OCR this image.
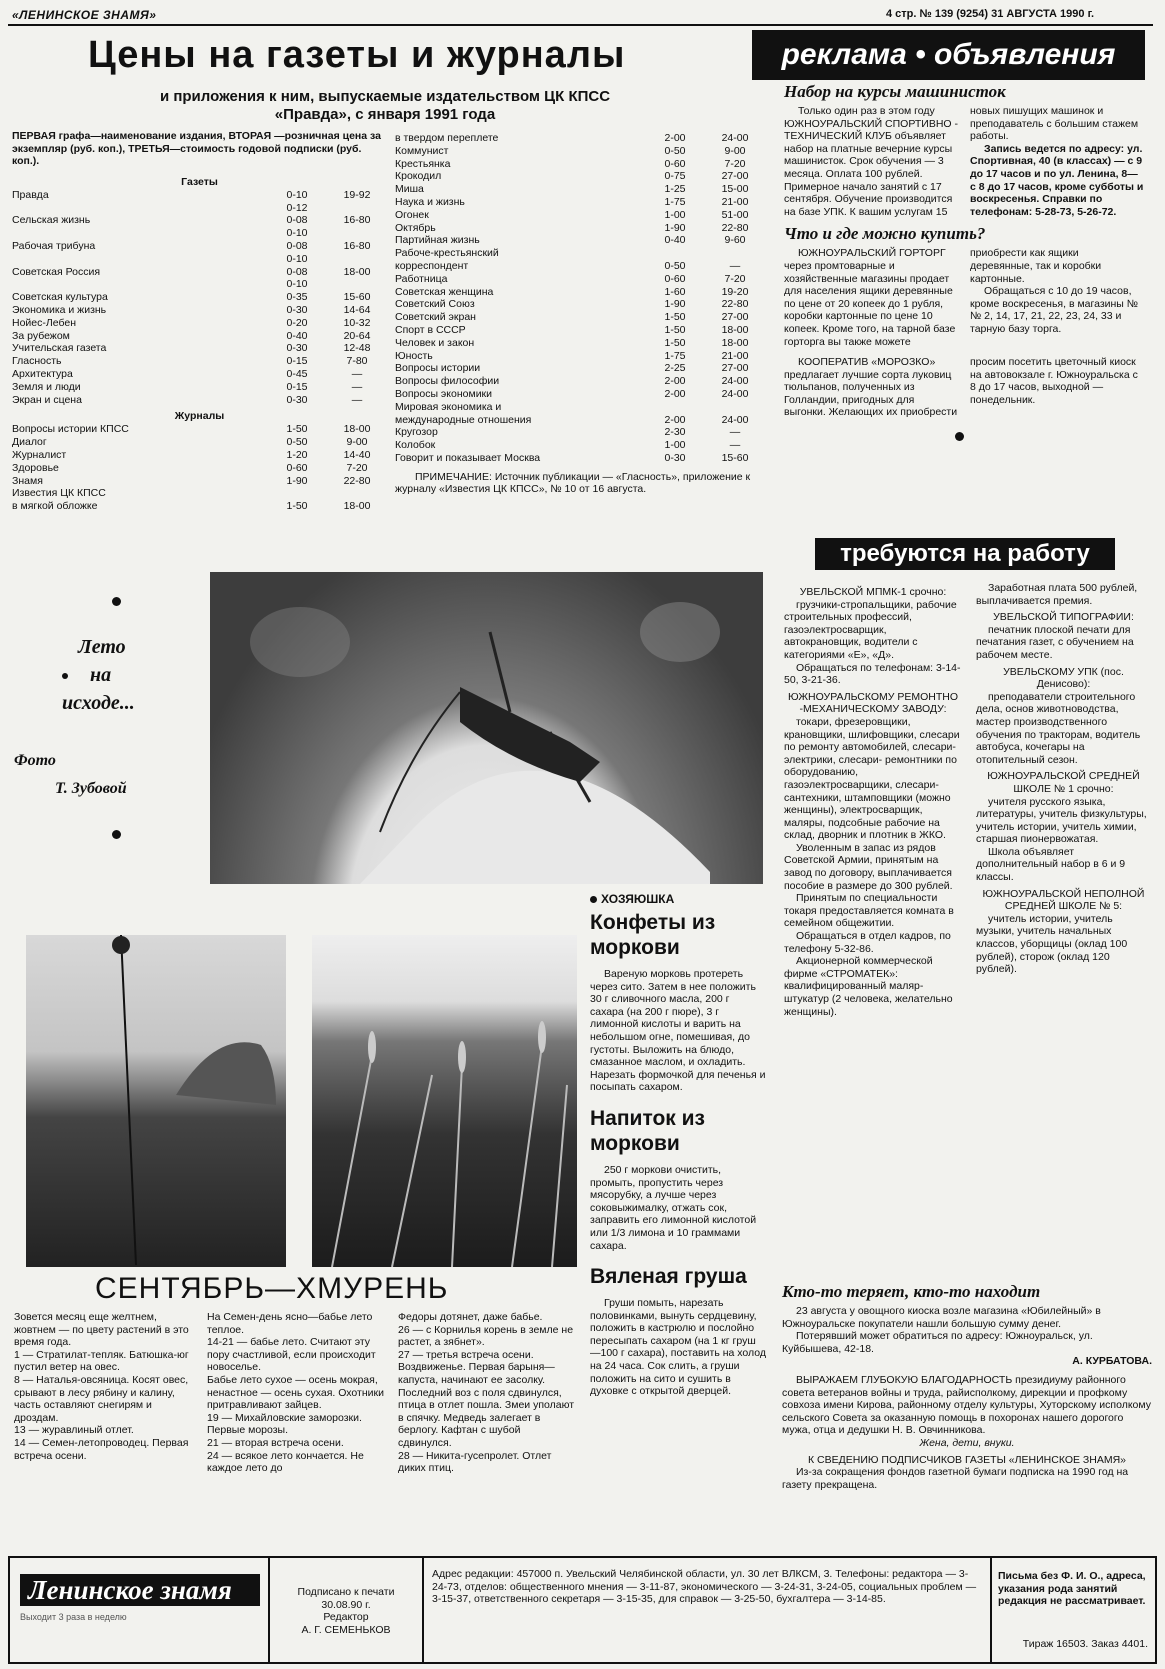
«ЛЕНИНСКОЕ ЗНАМЯ»	4 стр. № 139 (9254) 31 АВГУСТА 1990 г.
Цены на газеты и журналы
и приложения к ним, выпускаемые издательством ЦК КПСС «Правда», с января 1991 года
ПЕРВАЯ графа—наименование издания, ВТОРАЯ —розничная цена за экземпляр (руб. коп.), ТРЕТЬЯ—стоимость годовой подписки (руб. коп.).
Газеты
Правда	0-10	19-92
0-12
Сельская жизнь	0-08	16-80
0-10
Рабочая трибуна	0-08	16-80
0-10
Советская Россия	0-08	18-00
0-10
Советская культура	0-35	15-60
Экономика и жизнь	0-30	14-64
Нойес-Лебен	0-20	10-32
За рубежом	0-40	20-64
Учительская газета	0-30	12-48
Гласность	0-15	7-80
Архитектура	0-45	—
Земля и люди	0-15	—
Экран и сцена	0-30	—
Журналы
Вопросы истории КПСС	1-50	18-00
Диалог	0-50	9-00
Журналист	1-20	14-40
Здоровье	0-60	7-20
Знамя	1-90	22-80
Известия ЦК КПСС
в мягкой обложке	1-50	18-00
в твердом переплете	2-00	24-00
Коммунист	0-50	9-00
Крестьянка	0-60	7-20
Крокодил	0-75	27-00
Миша	1-25	15-00
Наука и жизнь	1-75	21-00
Огонек	1-00	51-00
Октябрь	1-90	22-80
Партийная жизнь	0-40	9-60
Рабоче-крестьянский
корреспондент	0-50	—
Работница	0-60	7-20
Советская женщина	1-60	19-20
Советский Союз	1-90	22-80
Советский экран	1-50	27-00
Спорт в СССР	1-50	18-00
Человек и закон	1-50	18-00
Юность	1-75	21-00
Вопросы истории	2-25	27-00
Вопросы философии	2-00	24-00
Вопросы экономики	2-00	24-00
Мировая экономика и
международные отношения	2-00	24-00
Кругозор	2-30	—
Колобок	1-00	—
Говорит и показывает Москва	0-30	15-60
ПРИМЕЧАНИЕ: Источник публикации — «Гласность», приложение к журналу «Известия ЦК КПСС», № 10 от 16 августа.
реклама • объявления
Набор на курсы машинисток
Только один раз в этом году ЮЖНОУРАЛЬСКИЙ СПОРТИВНО - ТЕХНИЧЕСКИЙ КЛУБ объявляет набор на платные вечерние курсы машинисток. Срок обучения — 3 месяца. Оплата 100 рублей. Примерное начало занятий с 17 сентября. Обучение производится на базе УПК. К вашим услугам 15 новых пишущих машинок и преподаватель с большим стажем работы.
Запись ведется по адресу: ул. Спортивная, 40 (в классах) — с 9 до 17 часов и по ул. Ленина, 8— с 8 до 17 часов, кроме субботы и воскресенья. Справки по телефонам: 5-28-73, 5-26-72.
Что и где можно купить?
ЮЖНОУРАЛЬСКИЙ ГОРТОРГ через промтоварные и хозяйственные магазины продает для населения ящики деревянные по цене от 20 копеек до 1 рубля, коробки картонные по цене 10 копеек. Кроме того, на тарной базе горторга вы также можете приобрести как ящики деревянные, так и коробки картонные.
Обращаться с 10 до 19 часов, кроме воскресенья, в магазины №№ 2, 14, 17, 21, 22, 23, 24, 33 и тарную базу торга.
КООПЕРАТИВ «МОРОЗКО» предлагает лучшие сорта луковиц тюльпанов, полученных из Голландии, пригодных для выгонки. Желающих их приобрести просим посетить цветочный киоск на автовокзале г. Южноуральска с 8 до 17 часов, выходной — понедельник.
требуются на работу
УВЕЛЬСКОЙ МПМК-1 срочно:
грузчики-стропальщики, рабочие строительных профессий, газоэлектросварщик, автокрановщик, водители с категориями «Е», «Д».
Обращаться по телефонам: 3-14-50, 3-21-36.
ЮЖНОУРАЛЬСКОМУ РЕМОНТНО -МЕХАНИЧЕСКОМУ ЗАВОДУ:
токари, фрезеровщики, крановщики, шлифовщики, слесари по ремонту автомобилей, слесари-электрики, слесари- ремонтники по оборудованию, газоэлектросварщики, слесари-сантехники, штамповщики (можно женщины), электросварщик, маляры, подсобные рабочие на склад, дворник и плотник в ЖКО.
Уволенным в запас из рядов Советской Армии, принятым на завод по договору, выплачивается пособие в размере до 300 рублей.
Принятым по специальности токаря предоставляется комната в семейном общежитии.
Обращаться в отдел кадров, по телефону 5-32-86.
Акционерной коммерческой фирме «СТРОМАТЕК»: квалифицированный маляр-штукатур (2 человека, желательно женщины).
Заработная плата 500 рублей, выплачивается премия.
УВЕЛЬСКОЙ ТИПОГРАФИИ:
печатник плоской печати для печатания газет, с обучением на рабочем месте.
УВЕЛЬСКОМУ УПК (пос. Денисово):
преподаватели строительного дела, основ животноводства, мастер производственного обучения по тракторам, водитель автобуса, кочегары на отопительный сезон.
ЮЖНОУРАЛЬСКОЙ СРЕДНЕЙ ШКОЛЕ № 1 срочно:
учителя русского языка, литературы, учитель физкультуры, учитель истории, учитель химии, старшая пионервожатая.
Школа объявляет дополнительный набор в 6 и 9 классы.
ЮЖНОУРАЛЬСКОЙ НЕПОЛНОЙ СРЕДНЕЙ ШКОЛЕ № 5:
учитель истории, учитель музыки, учитель начальных классов, уборщицы (оклад 100 рублей), сторож (оклад 120 рублей).
Кто-то теряет, кто-то находит
23 августа у овощного киоска возле магазина «Юбилейный» в Южноуральске покупатели нашли большую сумму денег.
Потерявший может обратиться по адресу: Южноуральск, ул. Куйбышева, 42-18.
А. КУРБАТОВА.
ВЫРАЖАЕМ ГЛУБОКУЮ БЛАГОДАРНОСТЬ президиуму районного совета ветеранов войны и труда, райисполкому, дирекции и профкому совхоза имени Кирова, районному отделу культуры, Хуторскому исполкому сельского Совета за оказанную помощь в похоронах нашего дорогого мужа, отца и дедушки Н. В. Овчинникова.
Жена, дети, внуки.
К СВЕДЕНИЮ ПОДПИСЧИКОВ ГАЗЕТЫ «ЛЕНИНСКОЕ ЗНАМЯ»
Из-за сокращения фондов газетной бумаги подписка на 1990 год на газету прекращена.
Лето
на
исходе...
Фото
Т. Зубовой
ХОЗЯЮШКА
Конфеты из моркови
Вареную морковь протереть через сито. Затем в нее положить 30 г сливочного масла, 200 г сахара (на 200 г пюре), 3 г лимонной кислоты и варить на небольшом огне, помешивая, до густоты. Выложить на блюдо, смазанное маслом, и охладить. Нарезать формочкой для печенья и посыпать сахаром.
Напиток из моркови
250 г моркови очистить, промыть, пропустить через мясорубку, а лучше через соковыжималку, отжать сок, заправить его лимонной кислотой или 1/3 лимона и 10 граммами сахара.
Вяленая груша
Груши помыть, нарезать половинками, вынуть сердцевину, положить в кастрюлю и послойно пересыпать сахаром (на 1 кг груш —100 г сахара), поставить на холод на 24 часа. Сок слить, а груши положить на сито и сушить в духовке с открытой дверцей.
СЕНТЯБРЬ—ХМУРЕНЬ
Зовется месяц еще желтнем, жовтнем — по цвету растений в это время года.
1 — Стратилат-тепляк. Батюшка-юг пустил ветер на овес.
8 — Наталья-овсяница. Косят овес, срывают в лесу рябину и калину, часть оставляют снегирям и дроздам.
13 — журавлиный отлет.
14 — Семен-летопроводец. Первая встреча осени.
На Семен-день ясно—бабье лето теплое.
14-21 — бабье лето. Считают эту пору счастливой, если происходит новоселье.
Бабье лето сухое — осень мокрая, ненастное — осень сухая. Охотники притравливают зайцев.
19 — Михайловские заморозки. Первые морозы.
21 — вторая встреча осени.
24 — всякое лето кончается. Не каждое лето до
Федоры дотянет, даже бабье.
26 — с Корнилья корень в земле не растет, а зябнет».
27 — третья встреча осени. Воздвиженье. Первая барыня— капуста, начинают ее засолку. Последний воз с поля сдвинулся, птица в отлет пошла. Змеи уполают в спячку. Медведь залегает в берлогу. Кафтан с шубой сдвинулся.
28 — Никита-гусепролет. Отлет диких птиц.
Ленинское знамя
Выходит 3 раза в неделю
Подписано к печати 30.08.90 г.
Редактор
А. Г. СЕМЕНЬКОВ
Адрес редакции: 457000 п. Увельский Челябинской области, ул. 30 лет ВЛКСМ, 3. Телефоны: редактора — 3-24-73, отделов: общественного мнения — 3-11-87, экономического — 3-24-31, 3-24-05, социальных проблем — 3-15-37, ответственного секретаря — 3-15-35, для справок — 3-25-50, бухгалтера — 3-14-85.
Письма без Ф. И. О., адреса, указания рода занятий редакция не рассматривает.
Тираж 16503. Заказ 4401.
